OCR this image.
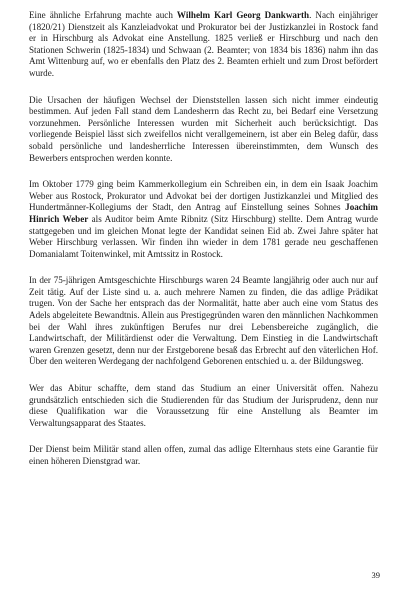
Eine ähnliche Erfahrung machte auch Wilhelm Karl Georg Dankwarth. Nach einjähriger (1820/21) Dienstzeit als Kanzleiadvokat und Prokurator bei der Justizkanzlei in Rostock fand er in Hirschburg als Advokat eine Anstellung. 1825 verließ er Hirschburg und nach den Stationen Schwerin (1825-1834) und Schwaan (2. Beamter; von 1834 bis 1836) nahm ihn das Amt Wittenburg auf, wo er ebenfalls den Platz des 2. Beamten erhielt und zum Drost befördert wurde.

Die Ursachen der häufigen Wechsel der Dienststellen lassen sich nicht immer eindeutig bestimmen. Auf jeden Fall stand dem Landesherrn das Recht zu, bei Bedarf eine Versetzung vorzunehmen. Persönliche Interessen wurden mit Sicherheit auch berücksichtigt. Das vorliegende Beispiel lässt sich zweifellos nicht verallgemeinern, ist aber ein Beleg dafür, dass sobald persönliche und landesherrliche Interessen übereinstimmten, dem Wunsch des Bewerbers entsprochen werden konnte.

Im Oktober 1779 ging beim Kammerkollegium ein Schreiben ein, in dem ein Isaak Joachim Weber aus Rostock, Prokurator und Advokat bei der dortigen Justizkanzlei und Mitglied des Hundertmänner-Kollegiums der Stadt, den Antrag auf Einstellung seines Sohnes Joachim Hinrich Weber als Auditor beim Amte Ribnitz (Sitz Hirschburg) stellte. Dem Antrag wurde stattgegeben und im gleichen Monat legte der Kandidat seinen Eid ab. Zwei Jahre später hat Weber Hirschburg verlassen. Wir finden ihn wieder in dem 1781 gerade neu geschaffenen Domanialamt Toitenwinkel, mit Amtssitz in Rostock.

In der 75-jährigen Amtsgeschichte Hirschburgs waren 24 Beamte langjährig oder auch nur auf Zeit tätig. Auf der Liste sind u. a. auch mehrere Namen zu finden, die das adlige Prädikat trugen. Von der Sache her entsprach das der Normalität, hatte aber auch eine vom Status des Adels abgeleitete Bewandtnis. Allein aus Prestigegründen waren den männlichen Nachkommen bei der Wahl ihres zukünftigen Berufes nur drei Lebensbereiche zugänglich, die Landwirtschaft, der Militärdienst oder die Verwaltung. Dem Einstieg in die Landwirtschaft waren Grenzen gesetzt, denn nur der Erstgeborene besaß das Erbrecht auf den väterlichen Hof. Über den weiteren Werdegang der nachfolgend Geborenen entschied u. a. der Bildungsweg.

Wer das Abitur schaffte, dem stand das Studium an einer Universität offen. Nahezu grundsätzlich entschieden sich die Studierenden für das Studium der Jurisprudenz, denn nur diese Qualifikation war die Voraussetzung für eine Anstellung als Beamter im Verwaltungsapparat des Staates.

Der Dienst beim Militär stand allen offen, zumal das adlige Elternhaus stets eine Garantie für einen höheren Dienstgrad war.

39
